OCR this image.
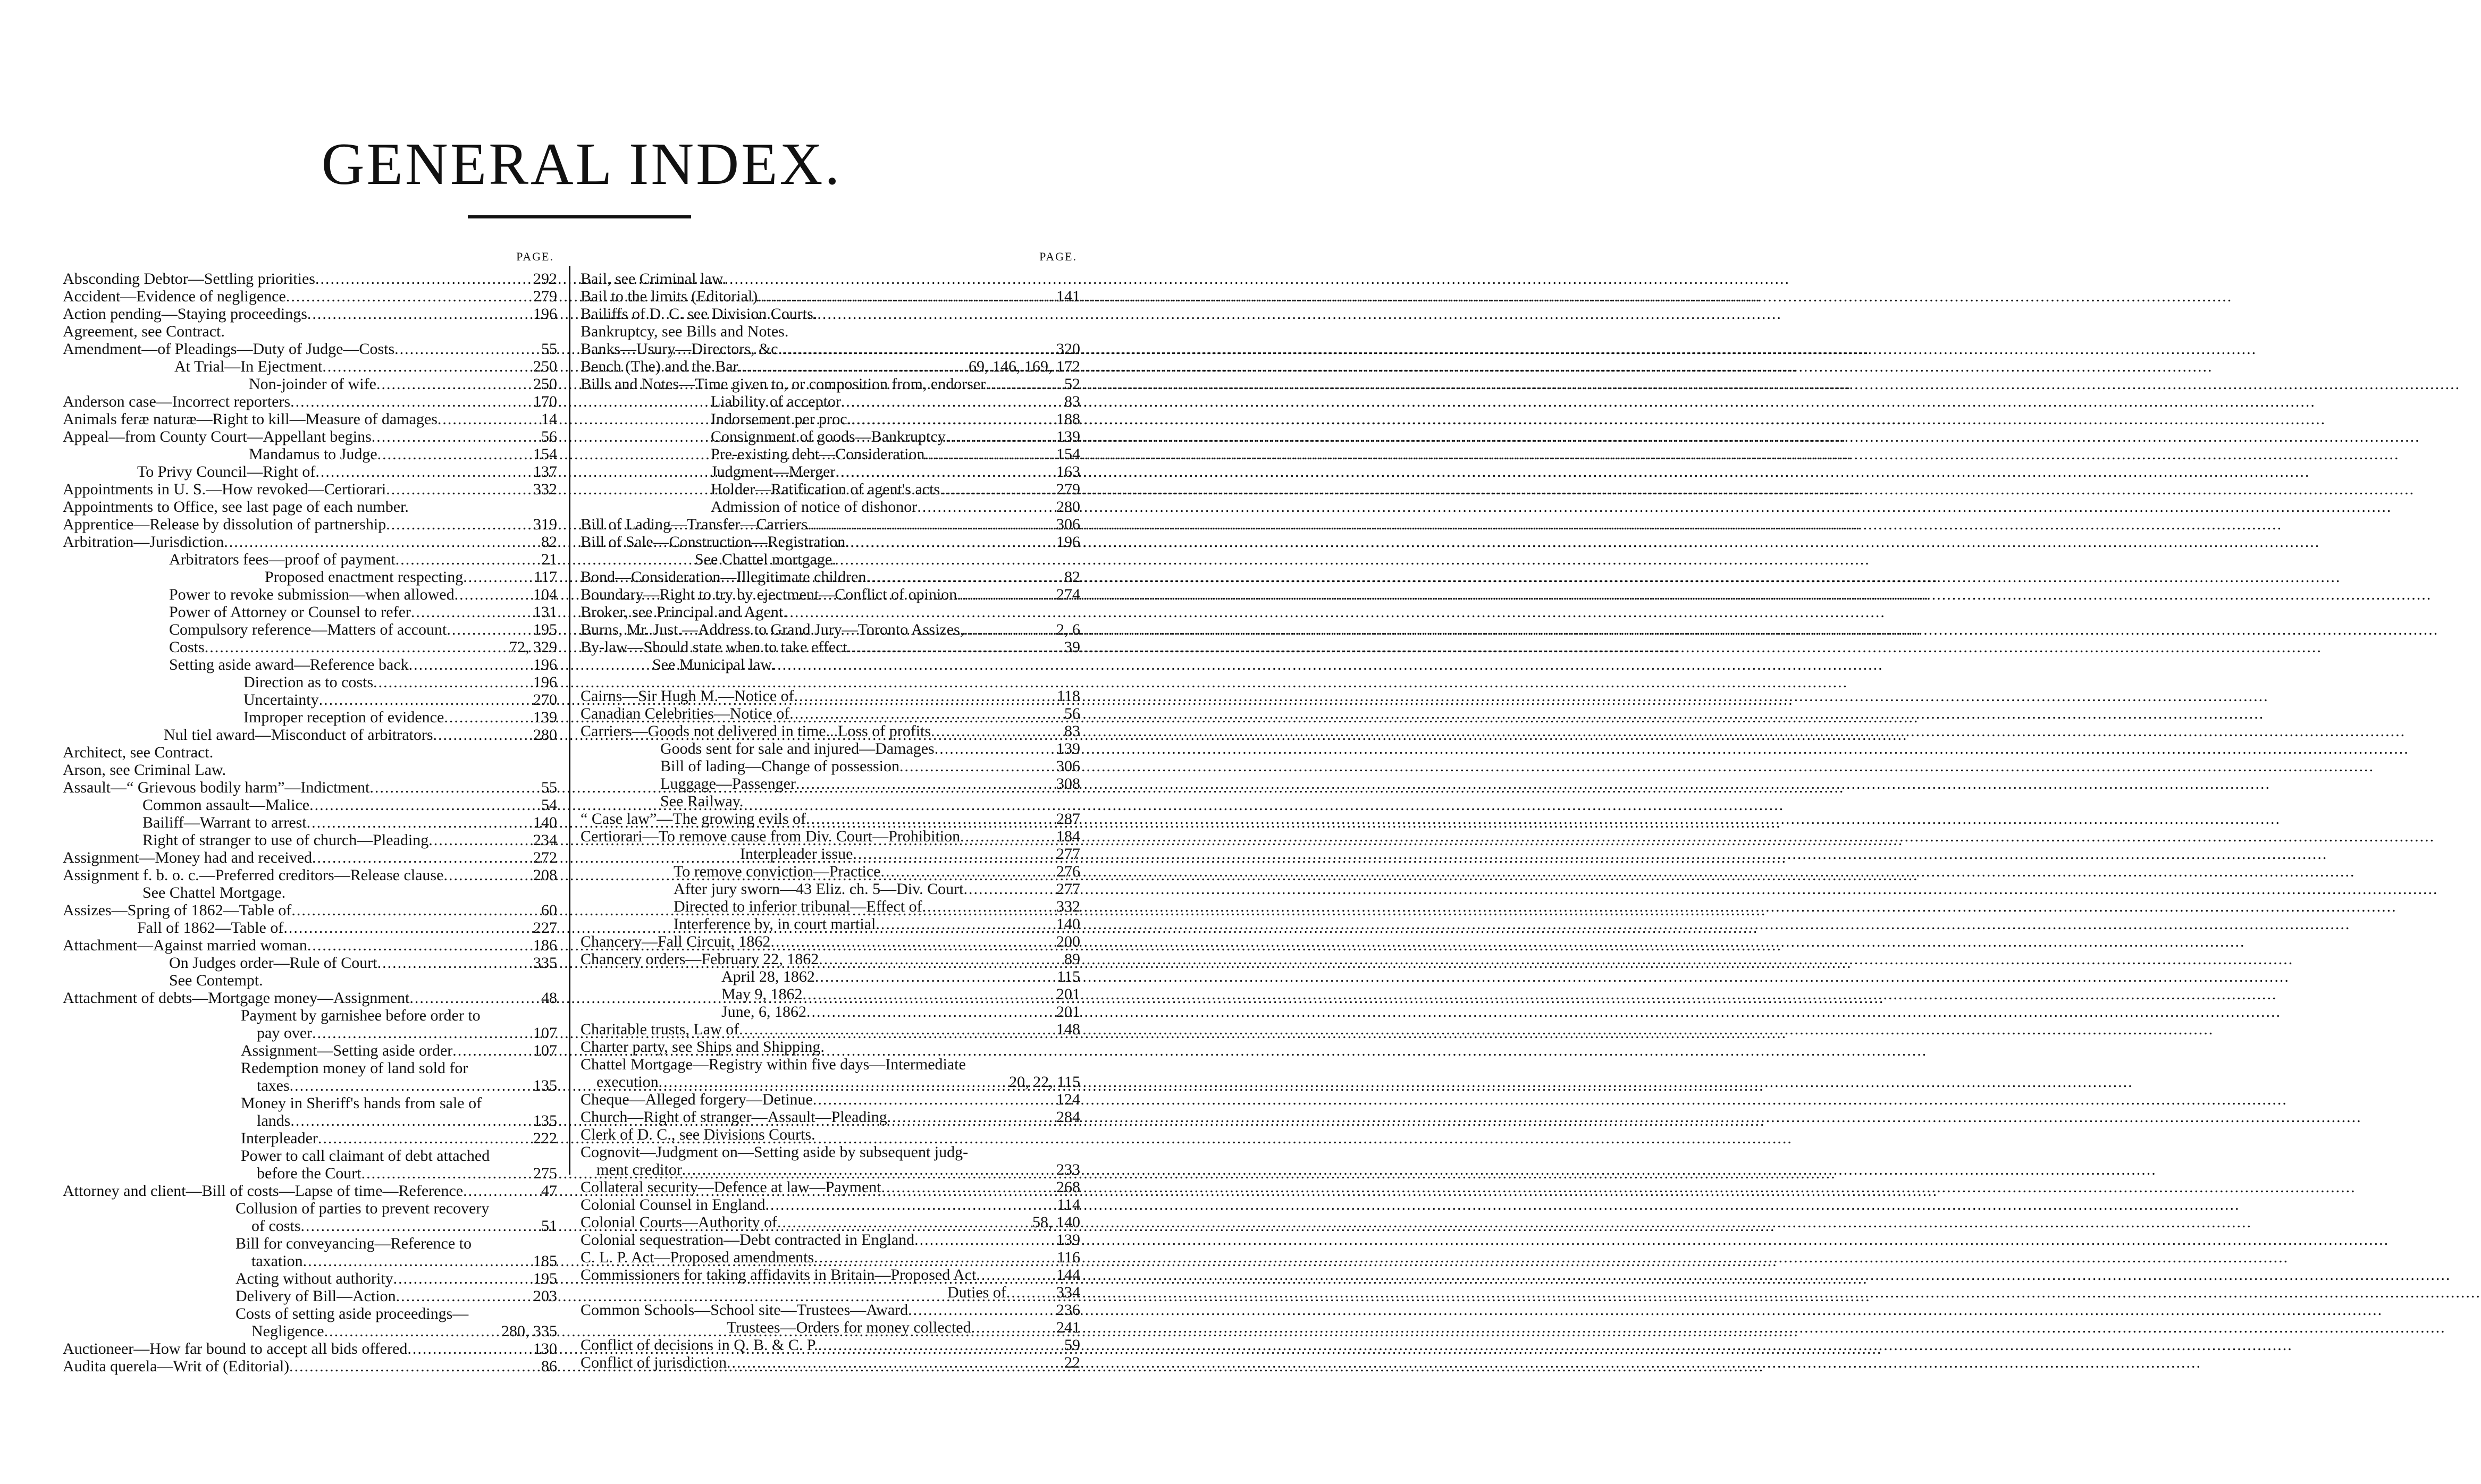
GENERAL INDEX.
PAGE.
Absconding Debtor—Settling priorities .....	292
Accident—Evidence of negligence .....	279
Action pending—Staying proceedings .....	196
Agreement, see Contract.
Amendment—of Pleadings—Duty of Judge—Costs .....	55
At Trial—In Ejectment .....	250
Non-joinder of wife .....	250
Anderson case—Incorrect reporters .....	170
Animals feræ naturæ—Right to kill—Measure of damages .....	14
Appeal—from County Court—Appellant begins .....	56
Mandamus to Judge .....	154
To Privy Council—Right of .....	137
Appointments in U. S.—How revoked—Certiorari .....	332
Appointments to Office, see last page of each number.
Apprentice—Release by dissolution of partnership .....	319
Arbitration—Jurisdiction .....	82
Arbitrators fees—proof of payment .....	21
Proposed enactment respecting .....	117
Power to revoke submission—when allowed .....	104
Power of Attorney or Counsel to refer .....	131
Compulsory reference—Matters of account .....	195
Costs .....	72, 329
Setting aside award—Reference back .....	196
Direction as to costs .....	196
Uncertainty .....	270
Improper reception of evidence .....	139
Nul tiel award—Misconduct of arbitrators .....	280
Architect, see Contract.
Arson, see Criminal Law.
Assault—“ Grievous bodily harm”—Indictment .....	55
Common assault—Malice .....	54
Bailiff—Warrant to arrest .....	140
Right of stranger to use of church—Pleading .....	234
Assignment—Money had and received .....	272
Assignment f. b. o. c.—Preferred creditors—Release clause .....	208
See Chattel Mortgage.
Assizes—Spring of 1862—Table of .....	60
Fall of 1862—Table of .....	227
Attachment—Against married woman .....	186
On Judges order—Rule of Court .....	335
See Contempt.
Attachment of debts—Mortgage money—Assignment .....	48
Payment by garnishee before order to
pay over .....	107
Assignment—Setting aside order .....	107
Redemption money of land sold for
taxes .....	135
Money in Sheriff's hands from sale of
lands .....	135
Interpleader .....	222
Power to call claimant of debt attached
before the Court .....	275
Attorney and client—Bill of costs—Lapse of time—Reference .....	47
Collusion of parties to prevent recovery
of costs .....	51
Bill for conveyancing—Reference to
taxation .....	185
Acting without authority .....	195
Delivery of Bill—Action .....	203
Costs of setting aside proceedings—
Negligence .....	280, 335
Auctioneer—How far bound to accept all bids offered .....	130
Audita querela—Writ of (Editorial) .....	86
PAGE.
Bail, see Criminal law.
Bail to the limits (Editorial) .....	141
Bailiffs of D. C. see Division Courts.
Bankruptcy, see Bills and Notes.
Banks—Usury—Directors, &c. .....	320
Bench (The) and the Bar .....	69, 146, 169, 172
Bills and Notes—Time given to, or composition from, endorser .....	52
Liability of acceptor .....	83
Indorsement per proc. .....	188
Consignment of goods—Bankruptcy .....	139
Pre-existing debt—Consideration .....	154
Judgment—Merger .....	163
Holder—Ratification of agent's acts .....	279
Admission of notice of dishonor .....	280
Bill of Lading—Transfer—Carriers .....	306
Bill of Sale—Construction—Registration .....	196
See Chattel mortgage.
Bond—Consideration—Illegitimate children .....	82
Boundary—Right to try by ejectment—Conflict of opinion .....	274
Broker, see Principal and Agent.
Burns, Mr. Just.—Address to Grand Jury—Toronto Assizes, .....	2, 6
By-law—Should state when to take effect .....	39
See Municipal law.
Cairns—Sir Hugh M.—Notice of .....	118
Canadian Celebrities—Notice of .....	56
Carriers—Goods not delivered in time...Loss of profits .....	83
Goods sent for sale and injured—Damages .....	139
Bill of lading—Change of possession .....	306
Luggage—Passenger .....	308
See Railway.
“ Case law”—The growing evils of .....	287
Certiorari—To remove cause from Div. Court—Prohibition .....	184
Interpleader issue .....	277
To remove conviction—Practice .....	276
After jury sworn—43 Eliz. ch. 5—Div. Court .....	277
Directed to inferior tribunal—Effect of .....	332
Interference by, in court martial .....	140
Chancery—Fall Circuit, 1862 .....	200
Chancery orders—February 22, 1862 .....	89
April 28, 1862 .....	115
May 9, 1862 .....	201
June, 6, 1862 .....	201
Charitable trusts, Law of .....	148
Charter party, see Ships and Shipping.
Chattel Mortgage—Registry within five days—Intermediate
execution .....	20, 22, 115
Cheque—Alleged forgery—Detinue .....	124
Church—Right of stranger—Assault—Pleading .....	284
Clerk of D. C., see Divisions Courts.
Cognovit—Judgment on—Setting aside by subsequent judg-
ment creditor .....	233
Collateral security—Defence at law—Payment .....	268
Colonial Counsel in England .....	114
Colonial Courts—Authority of .....	58, 140
Colonial sequestration—Debt contracted in England .....	139
C. L. P. Act—Proposed amendments .....	116
Commissioners for taking affidavits in Britain—Proposed Act .....	144
Duties of .....	334
Common Schools—School site—Trustees—Award .....	236
Trustees—Orders for money collected .....	241
Conflict of decisions in Q. B. & C. P. .....	59
Conflict of jurisdiction .....	22
